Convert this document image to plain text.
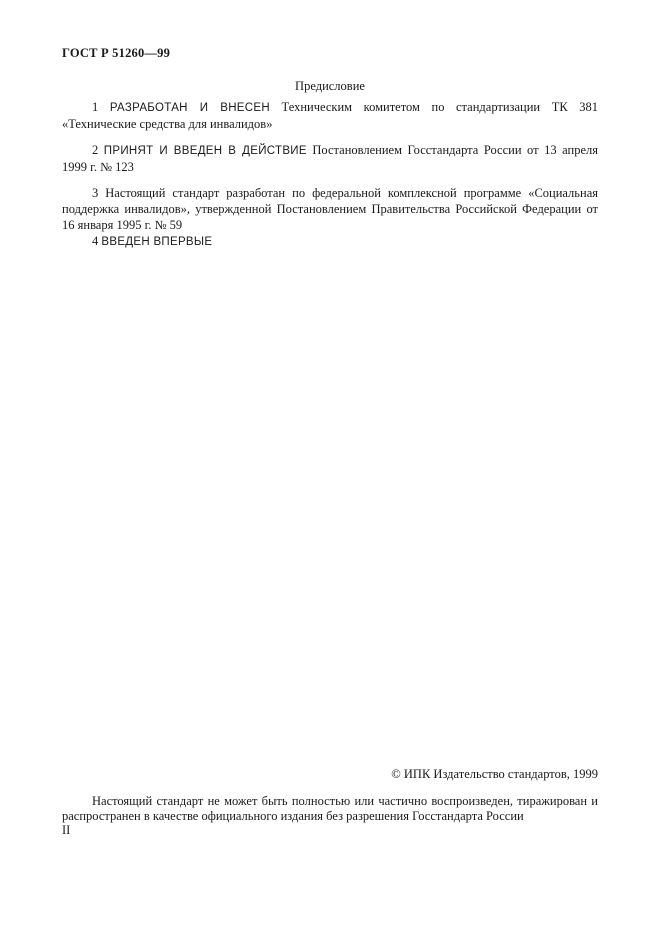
ГОСТ Р 51260—99
Предисловие
1 РАЗРАБОТАН И ВНЕСЕН Техническим комитетом по стандартизации ТК 381 «Технические средства для инвалидов»
2 ПРИНЯТ И ВВЕДЕН В ДЕЙСТВИЕ Постановлением Госстандарта России от 13 апреля 1999 г. № 123
3 Настоящий стандарт разработан по федеральной комплексной программе «Социальная поддержка инвалидов», утвержденной Постановлением Правительства Российской Федерации от 16 января 1995 г. № 59
4 ВВЕДЕН ВПЕРВЫЕ
© ИПК Издательство стандартов, 1999
Настоящий стандарт не может быть полностью или частично воспроизведен, тиражирован и распространен в качестве официального издания без разрешения Госстандарта России
II
